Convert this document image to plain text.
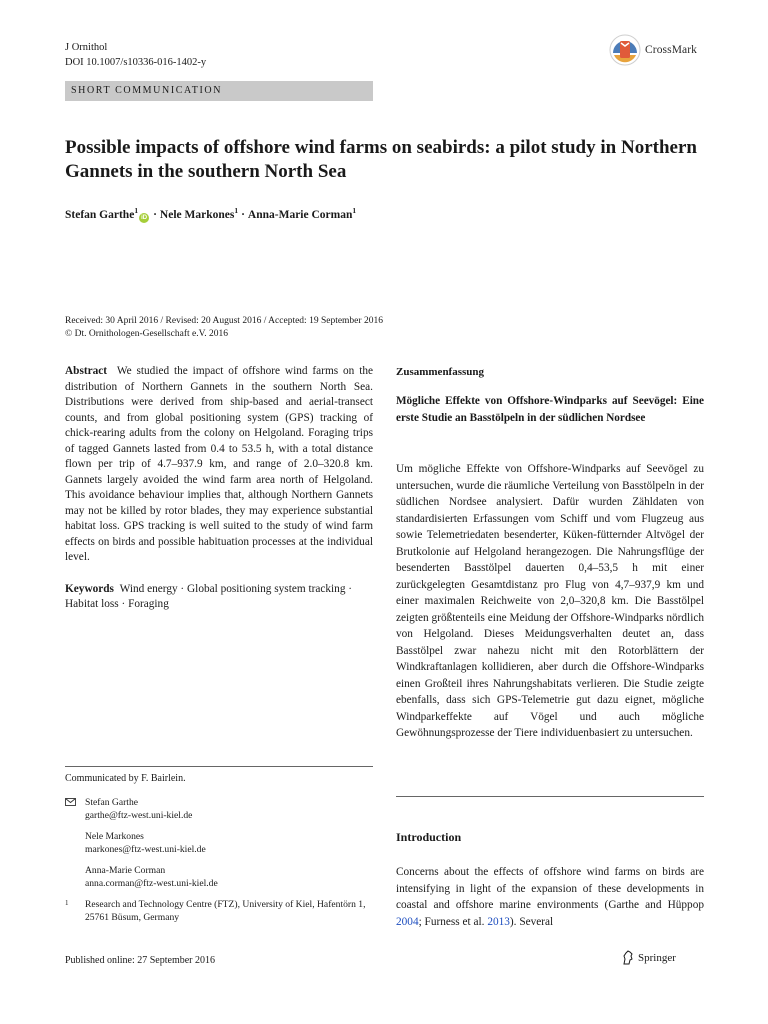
J Ornithol
DOI 10.1007/s10336-016-1402-y
CrossMark
SHORT COMMUNICATION
Possible impacts of offshore wind farms on seabirds: a pilot study in Northern Gannets in the southern North Sea
Stefan Garthe$^1$iD · Nele Markones$^1$ · Anna-Marie Corman$^1$
Received: 30 April 2016 / Revised: 20 August 2016 / Accepted: 19 September 2016
© Dt. Ornithologen-Gesellschaft e.V. 2016

Abstract We studied the impact of offshore wind farms on the distribution of Northern Gannets in the southern North Sea. Distributions were derived from ship-based and aerial-transect counts, and from global positioning system (GPS) tracking of chick-rearing adults from the colony on Helgoland. Foraging trips of tagged Gannets lasted from 0.4 to 53.5 h, with a total distance flown per trip of 4.7–937.9 km, and range of 2.0–320.8 km. Gannets largely avoided the wind farm area north of Helgoland. This avoidance behaviour implies that, although Northern Gannets may not be killed by rotor blades, they may experience substantial habitat loss. GPS tracking is well suited to the study of wind farm effects on birds and possible habituation processes at the individual level.

Keywords Wind energy · Global positioning system tracking · Habitat loss · Foraging

Zusammenfassung
Mögliche Effekte von Offshore-Windparks auf Seevögel: Eine erste Studie an Basstölpeln in der südlichen Nordsee
Um mögliche Effekte von Offshore-Windparks auf Seevögel zu untersuchen, wurde die räumliche Verteilung von Basstölpeln in der südlichen Nordsee analysiert. Dafür wurden Zähldaten von standardisierten Erfassungen vom Schiff und vom Flugzeug aus sowie Telemetriedaten besenderter, Küken-fütternder Altvögel der Brutkolonie auf Helgoland herangezogen. Die Nahrungsflüge der besenderten Basstölpel dauerten 0,4–53,5 h mit einer zurückgelegten Gesamtdistanz pro Flug von 4,7–937,9 km und einer maximalen Reichweite von 2,0–320,8 km. Die Basstölpel zeigten größtenteils eine Meidung der Offshore-Windparks nördlich von Helgoland. Dieses Meidungsverhalten deutet an, dass Basstölpel zwar nahezu nicht mit den Rotorblättern der Windkraftanlagen kollidieren, aber durch die Offshore-Windparks einen Großteil ihres Nahrungshabitats verlieren. Die Studie zeigte ebenfalls, dass sich GPS-Telemetrie gut dazu eignet, mögliche Windparkeffekte auf Vögel und auch mögliche Gewöhnungsprozesse der Tiere individuenbasiert zu untersuchen.
Communicated by F. Bairlein.
Stefan Garthe
garthe@ftz-west.uni-kiel.de
Nele Markones
markones@ftz-west.uni-kiel.de
Anna-Marie Corman
anna.corman@ftz-west.uni-kiel.de
1 Research and Technology Centre (FTZ), University of Kiel, Hafentörn 1, 25761 Büsum, Germany
Introduction
Concerns about the effects of offshore wind farms on birds are intensifying in light of the expansion of these developments in coastal and offshore marine environments (Garthe and Hüppop 2004; Furness et al. 2013). Several
Published online: 27 September 2016	Springer
